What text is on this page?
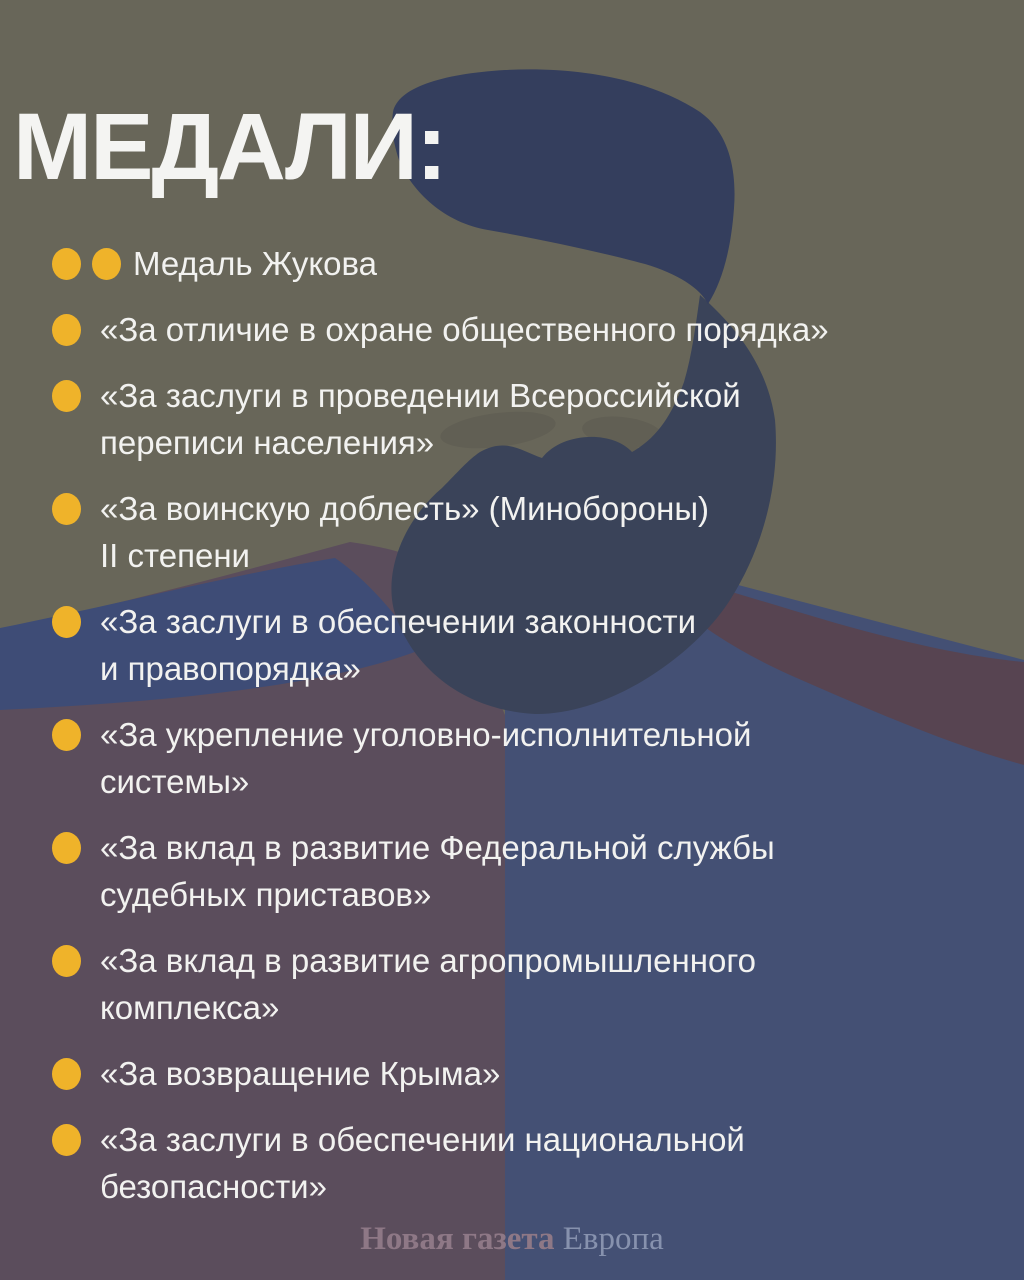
МЕДАЛИ:
Медаль Жукова
«За отличие в охране общественного порядка»
«За заслуги в проведении Всероссийской
переписи населения»
«За воинскую доблесть» (Минобороны)
II степени
«За заслуги в обеспечении законности
и правопорядка»
«За укрепление уголовно-исполнительной
системы»
«За вклад в развитие Федеральной службы
судебных приставов»
«За вклад в развитие агропромышленного
комплекса»
«За возвращение Крыма»
«За заслуги в обеспечении национальной
безопасности»
Новая газета Европа
